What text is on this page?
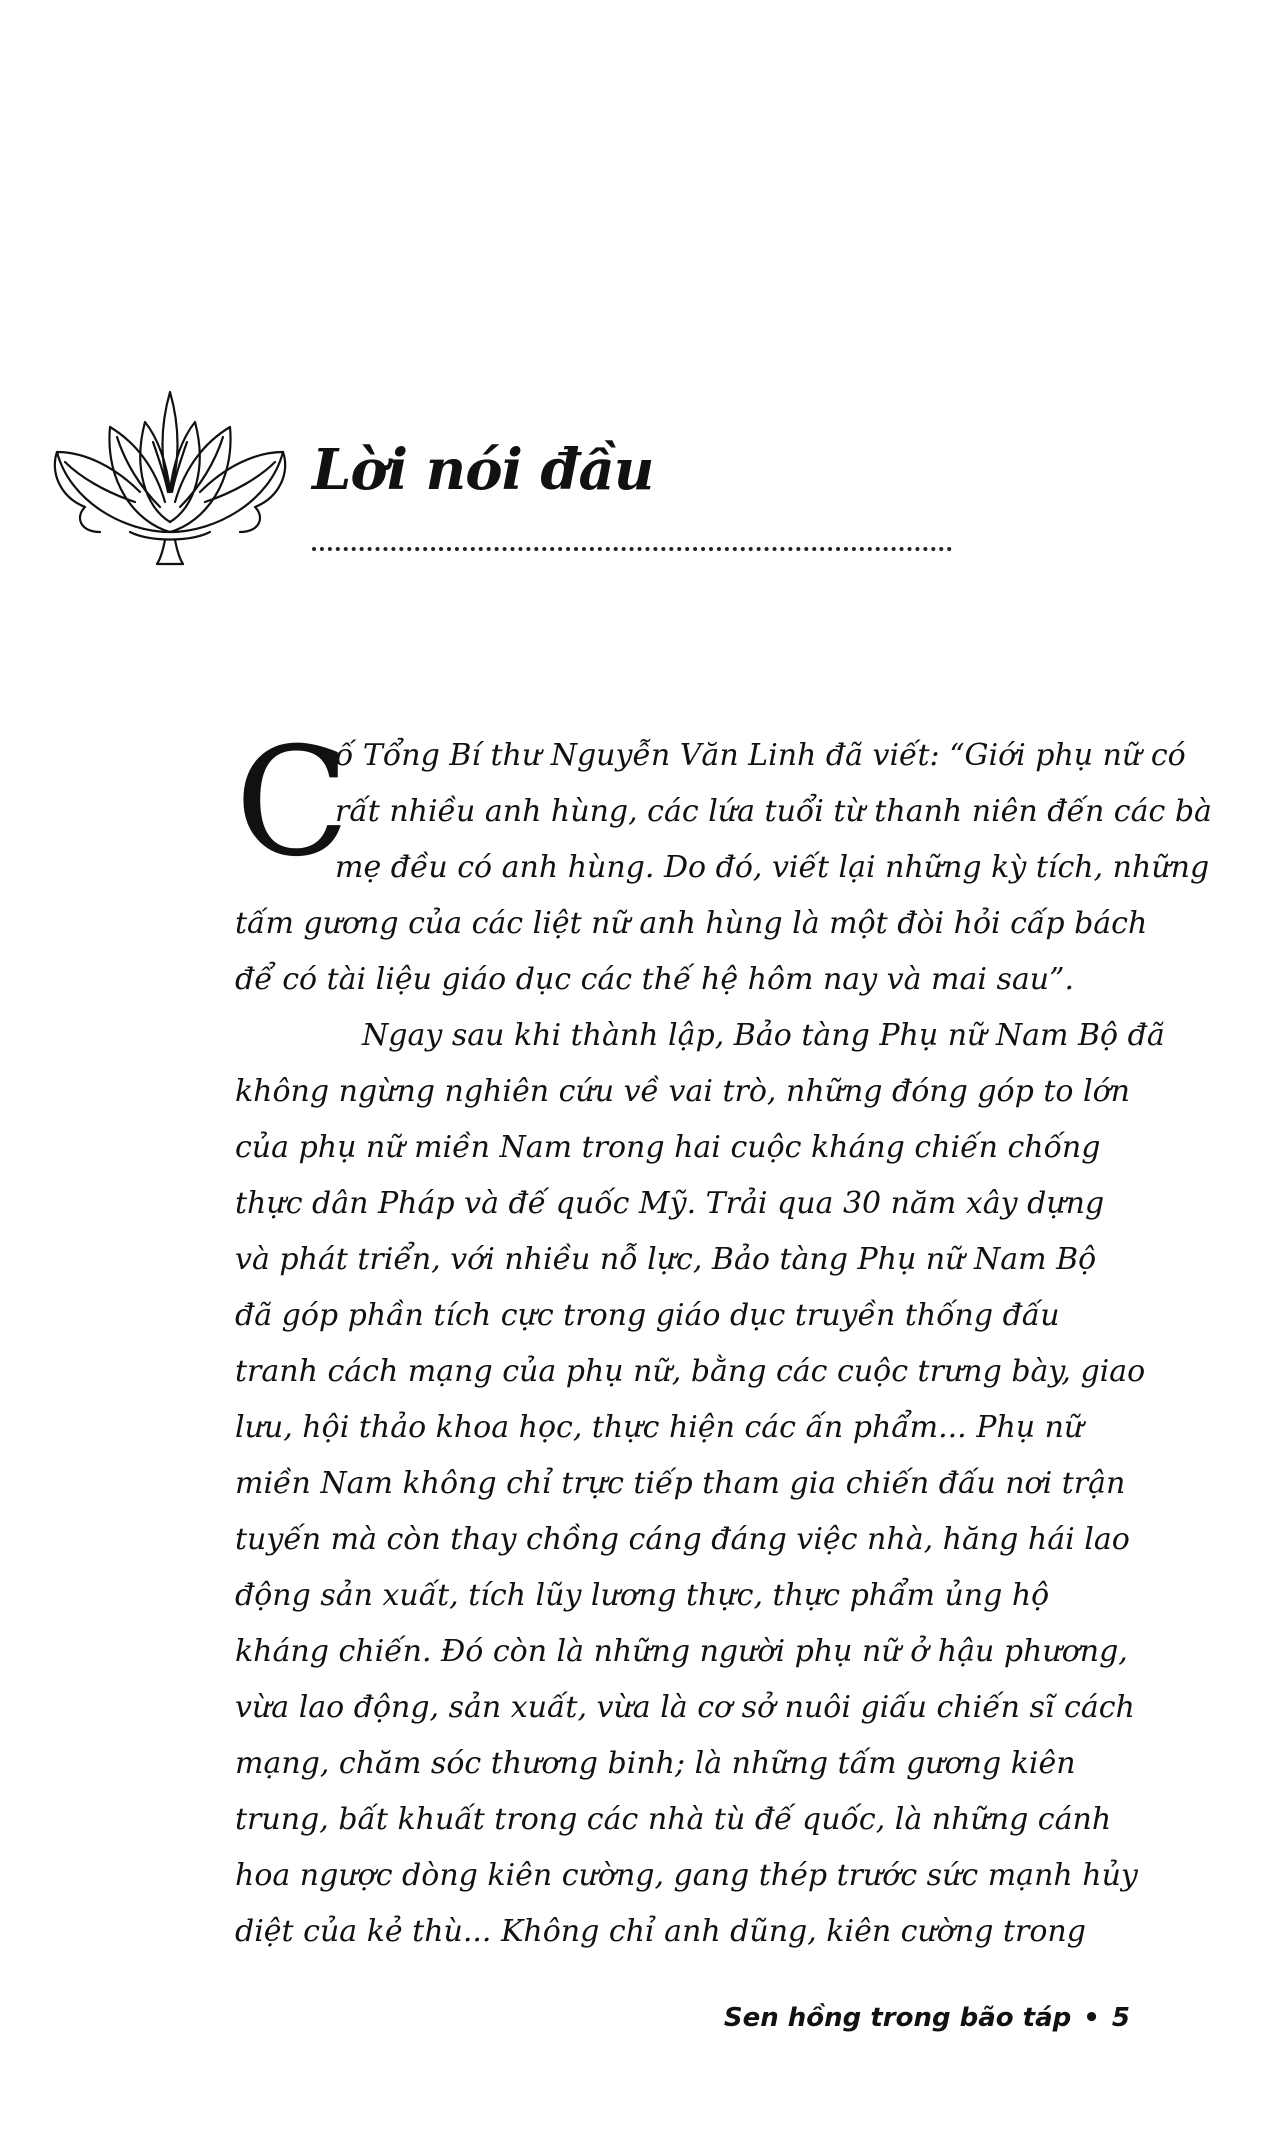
Lời nói đầu
C

ố Tổng Bí thư Nguyễn Văn Linh đã viết: “Giới phụ nữ có
rất nhiều anh hùng, các lứa tuổi từ thanh niên đến các bà
mẹ đều có anh hùng. Do đó, viết lại những kỳ tích, những
tấm gương của các liệt nữ anh hùng là một đòi hỏi cấp bách
để có tài liệu giáo dục các thế hệ hôm nay và mai sau”.

Ngay sau khi thành lập, Bảo tàng Phụ nữ Nam Bộ đã
không ngừng nghiên cứu về vai trò, những đóng góp to lớn
của phụ nữ miền Nam trong hai cuộc kháng chiến chống
thực dân Pháp và đế quốc Mỹ. Trải qua 30 năm xây dựng
và phát triển, với nhiều nỗ lực, Bảo tàng Phụ nữ Nam Bộ
đã góp phần tích cực trong giáo dục truyền thống đấu
tranh cách mạng của phụ nữ, bằng các cuộc trưng bày, giao
lưu, hội thảo khoa học, thực hiện các ấn phẩm... Phụ nữ
miền Nam không chỉ trực tiếp tham gia chiến đấu nơi trận
tuyến mà còn thay chồng cáng đáng việc nhà, hăng hái lao
động sản xuất, tích lũy lương thực, thực phẩm ủng hộ
kháng chiến. Đó còn là những người phụ nữ ở hậu phương,
vừa lao động, sản xuất, vừa là cơ sở nuôi giấu chiến sĩ cách
mạng, chăm sóc thương binh; là những tấm gương kiên
trung, bất khuất trong các nhà tù đế quốc, là những cánh
hoa ngược dòng kiên cường, gang thép trước sức mạnh hủy
diệt của kẻ thù... Không chỉ anh dũng, kiên cường trong

Sen hồng trong bão táp • 5
